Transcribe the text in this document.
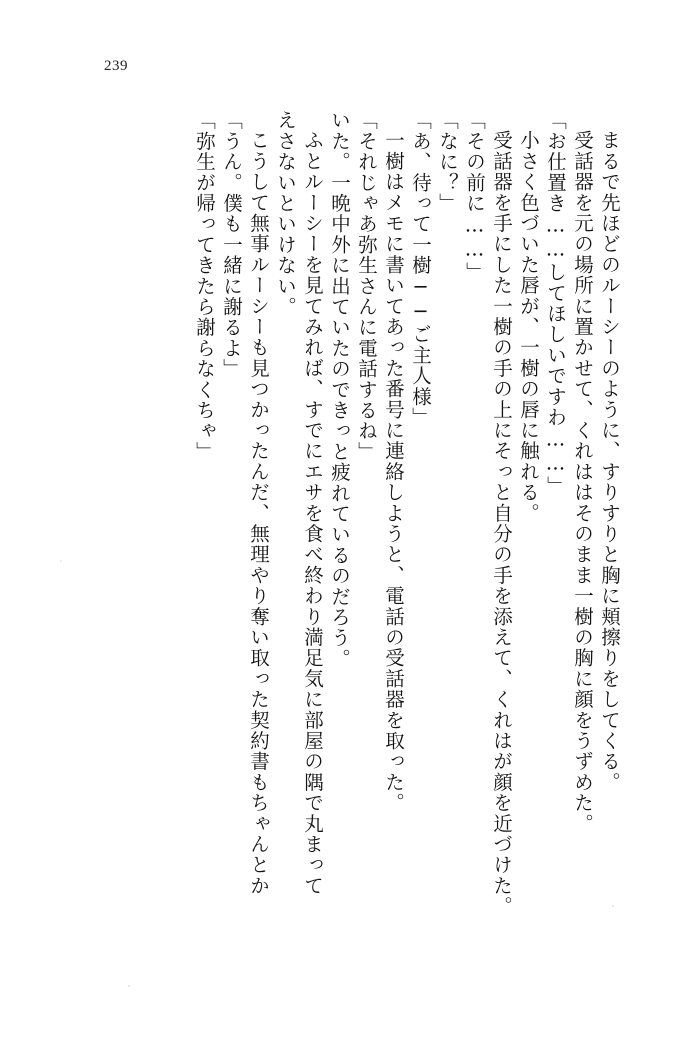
239
「弥生が帰ってきたら謝らなくちゃ」 「うん。僕も一緒に謝るよ」 こうして無事ルーシーも見つかったんだ、無理やり奪い取った契約書もちゃんとか えさないといけない。 ふとルーシーを見てみれば、すでにエサを食べ終わり満足気に部屋の隅で丸まって いた。一晩中外に出ていたのできっと疲れているのだろう。 「それじゃあ弥生さんに電話するね」 一樹はメモに書いてあった番号に連絡しようと、電話の受話器を取った。 「あ、待って一樹──ご主人様」 「なに？」 「その前に……」 受話器を手にした一樹の手の上にそっと自分の手を添えて、くれはが顔を近づけた。 小さく色づいた唇が、一樹の唇に触れる。 「お仕置き……してほしいですわ……」 受話器を元の場所に置かせて、くれははそのまま一樹の胸に顔をうずめた。 まるで先ほどのルーシーのように、すりすりと胸に頬擦りをしてくる。
